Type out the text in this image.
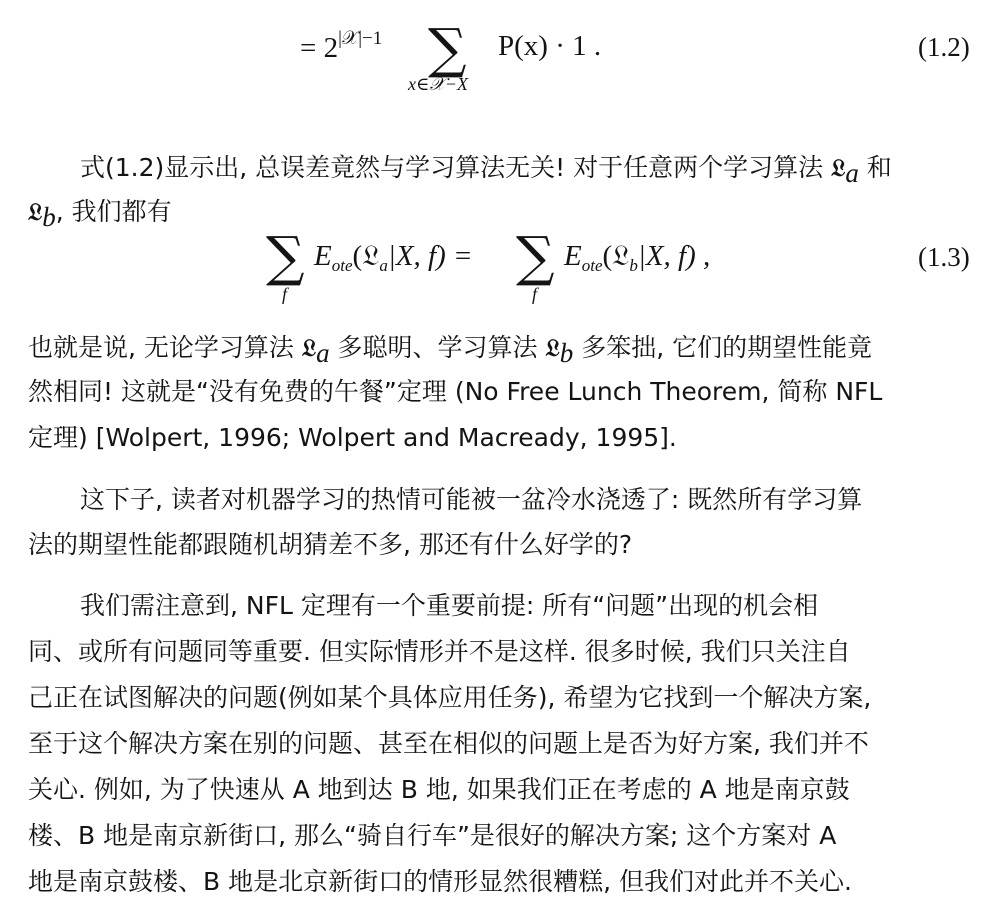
= $2^{|𝒳|-1}$ ∑
x∈𝒳−X
P(x) · 1 .	(1.2)
式(1.2)显示出, 总误差竟然与学习算法无关! 对于任意两个学习算法 𝔏a 和
𝔏b, 我们都有
∑
f
$E_{ote}(𝔏_a|X$, f) = ∑
f
$E_{ote}(𝔏_b|X$, f) ,	(1.3)
也就是说, 无论学习算法 𝔏a 多聪明、学习算法 𝔏b 多笨拙, 它们的期望性能竟
然相同! 这就是“没有免费的午餐”定理 (No Free Lunch Theorem, 简称 NFL
定理) [Wolpert, 1996; Wolpert and Macready, 1995].
这下子, 读者对机器学习的热情可能被一盆冷水浇透了: 既然所有学习算
法的期望性能都跟随机胡猜差不多, 那还有什么好学的?
我们需注意到, NFL 定理有一个重要前提: 所有“问题”出现的机会相
同、或所有问题同等重要. 但实际情形并不是这样. 很多时候, 我们只关注自
己正在试图解决的问题(例如某个具体应用任务), 希望为它找到一个解决方案,
至于这个解决方案在别的问题、甚至在相似的问题上是否为好方案, 我们并不
关心. 例如, 为了快速从 A 地到达 B 地, 如果我们正在考虑的 A 地是南京鼓
楼、B 地是南京新街口, 那么“骑自行车”是很好的解决方案; 这个方案对 A
地是南京鼓楼、B 地是北京新街口的情形显然很糟糕, 但我们对此并不关心.
